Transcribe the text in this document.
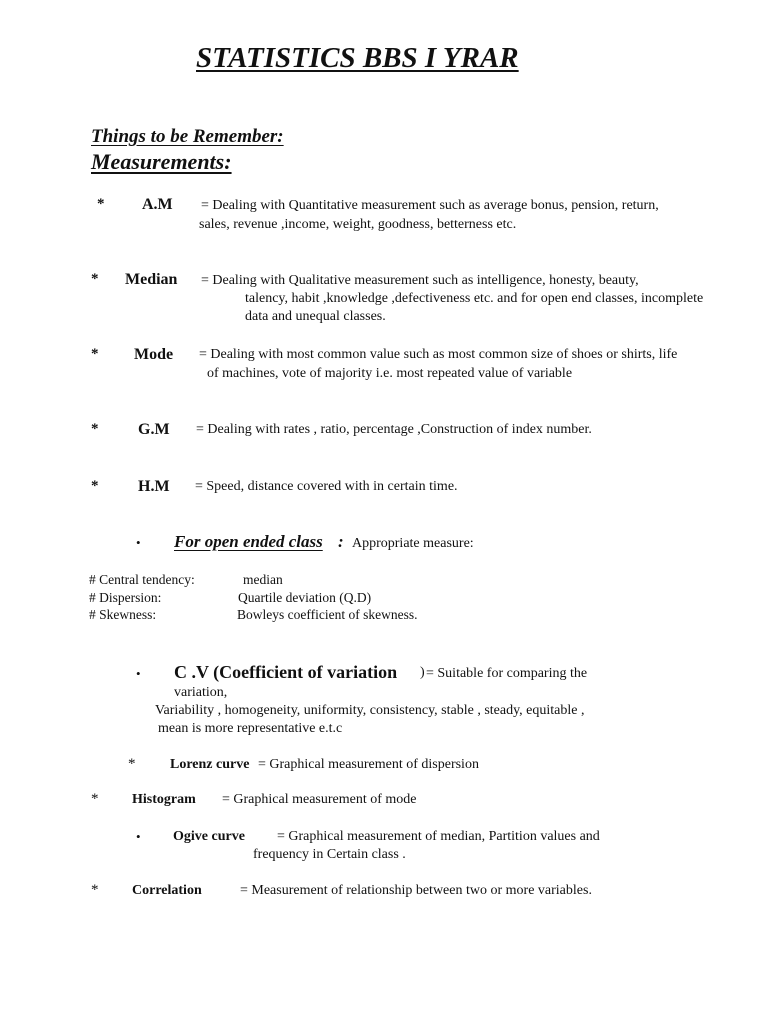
STATISTICS BBS I YRAR
Things to be Remember:
Measurements:
* A.M = Dealing with Quantitative measurement such as average bonus, pension, return,
sales, revenue ,income, weight, goodness, betterness etc.
* Median = Dealing with Qualitative measurement such as intelligence, honesty, beauty,
talency, habit ,knowledge ,defectiveness etc. and for open end classes, incomplete
data and unequal classes.
* Mode = Dealing with most common value such as most common size of shoes or shirts, life
of machines, vote of majority i.e. most repeated value of variable
* G.M = Dealing with rates , ratio, percentage ,Construction of index number.
* H.M = Speed, distance covered with in certain time.
• For open ended class : Appropriate measure:
# Central tendency:	median
# Dispersion:	Quartile deviation (Q.D)
# Skewness:	Bowleys coefficient of skewness.
• C .V (Coefficient of variation ) = Suitable for comparing the
variation,
Variability , homogeneity, uniformity, consistency, stable , steady, equitable ,
mean is more representative e.t.c
* Lorenz curve = Graphical measurement of dispersion
* Histogram = Graphical measurement of mode
• Ogive curve = Graphical measurement of median, Partition values and
frequency in Certain class .
* Correlation	= Measurement of relationship between two or more variables.
